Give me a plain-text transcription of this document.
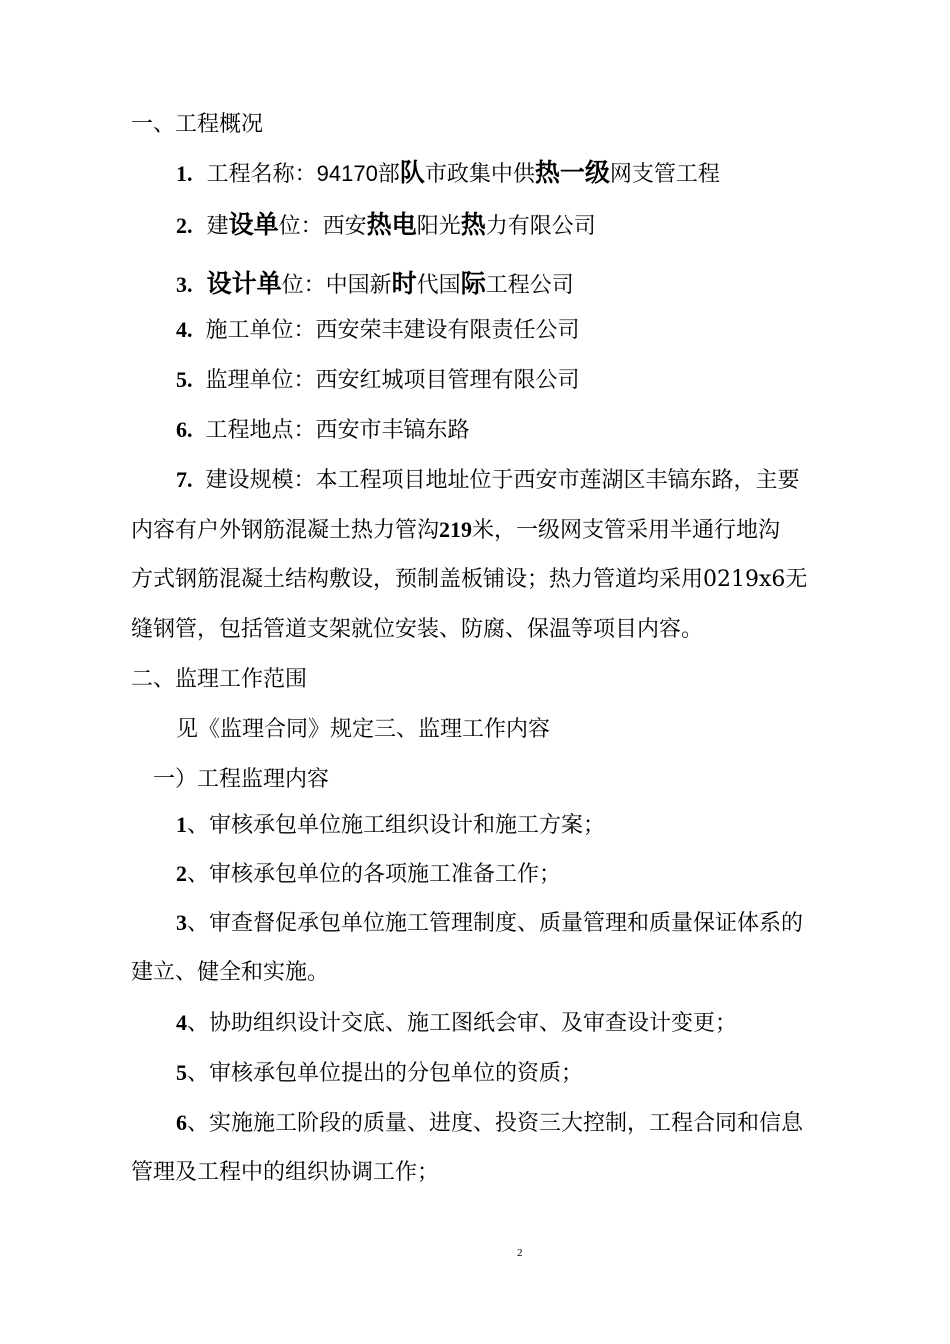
一、工程概况
1. 工程名称：94170部队市政集中供热一级网支管工程
2. 建设单位：西安热电阳光热力有限公司
3. 设计单位：中国新时代国际工程公司
4. 施工单位：西安荣丰建设有限责任公司
5. 监理单位：西安红城项目管理有限公司
6. 工程地点：西安市丰镐东路
7. 建设规模：本工程项目地址位于西安市莲湖区丰镐东路，主要
内容有户外钢筋混凝土热力管沟219米，一级网支管采用半通行地沟
方式钢筋混凝土结构敷设，预制盖板铺设；热力管道均采用0219x6无
缝钢管，包括管道支架就位安装、防腐、保温等项目内容。
二、监理工作范围
见《监理合同》规定三、监理工作内容
一）工程监理内容
1、审核承包单位施工组织设计和施工方案；
2、审核承包单位的各项施工准备工作；
3、审查督促承包单位施工管理制度、质量管理和质量保证体系的
建立、健全和实施。
4、协助组织设计交底、施工图纸会审、及审查设计变更；
5、审核承包单位提出的分包单位的资质；
6、实施施工阶段的质量、进度、投资三大控制，工程合同和信息
管理及工程中的组织协调工作；
2
